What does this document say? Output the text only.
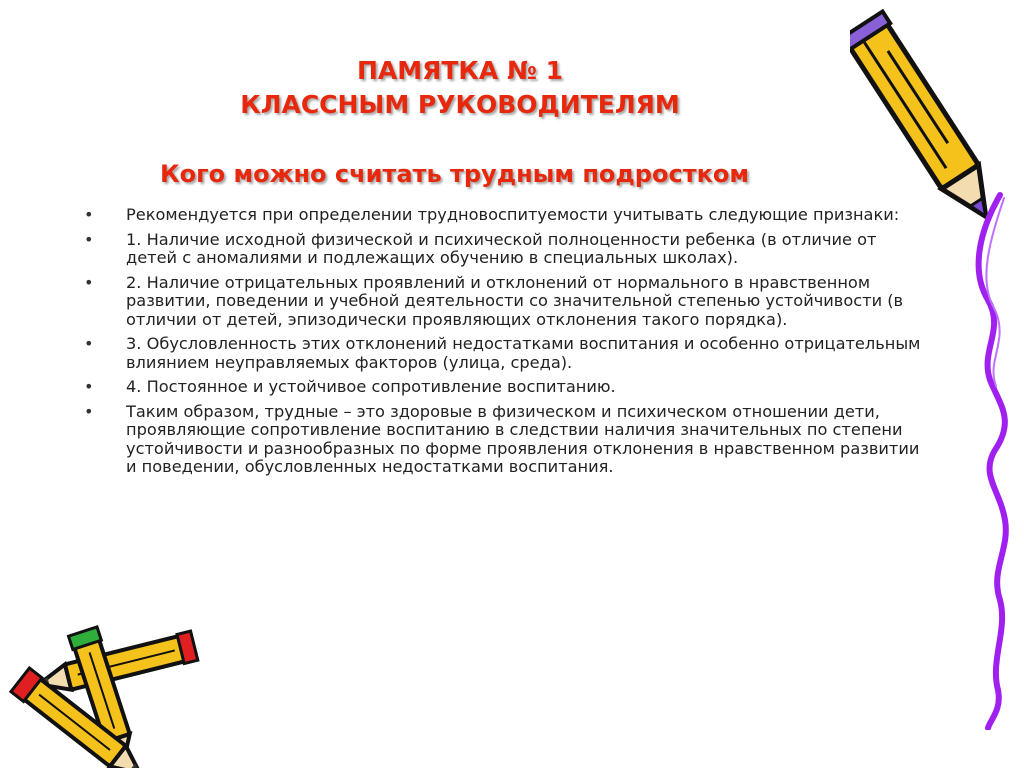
ПАМЯТКА № 1
КЛАССНЫМ РУКОВОДИТЕЛЯМ
Кого можно считать трудным подростком
• Рекомендуется при определении трудновоспитуемости учитывать следующие признаки:
• 1. Наличие исходной физической и психической полноценности ребенка (в отличие от детей с аномалиями и подлежащих обучению в специальных школах).
• 2. Наличие отрицательных проявлений и отклонений от нормального в нравственном развитии, поведении и учебной деятельности со значительной степенью устойчивости (в отличии от детей, эпизодически проявляющих отклонения такого порядка).
• 3. Обусловленность этих отклонений недостатками воспитания и особенно отрицательным влиянием неуправляемых факторов (улица, среда).
• 4. Постоянное и устойчивое сопротивление воспитанию.
• Таким образом, трудные – это здоровые в физическом и психическом отношении дети, проявляющие сопротивление воспитанию в следствии наличия значительных по степени устойчивости и разнообразных по форме проявления отклонения в нравственном развитии и поведении, обусловленных недостатками воспитания.
